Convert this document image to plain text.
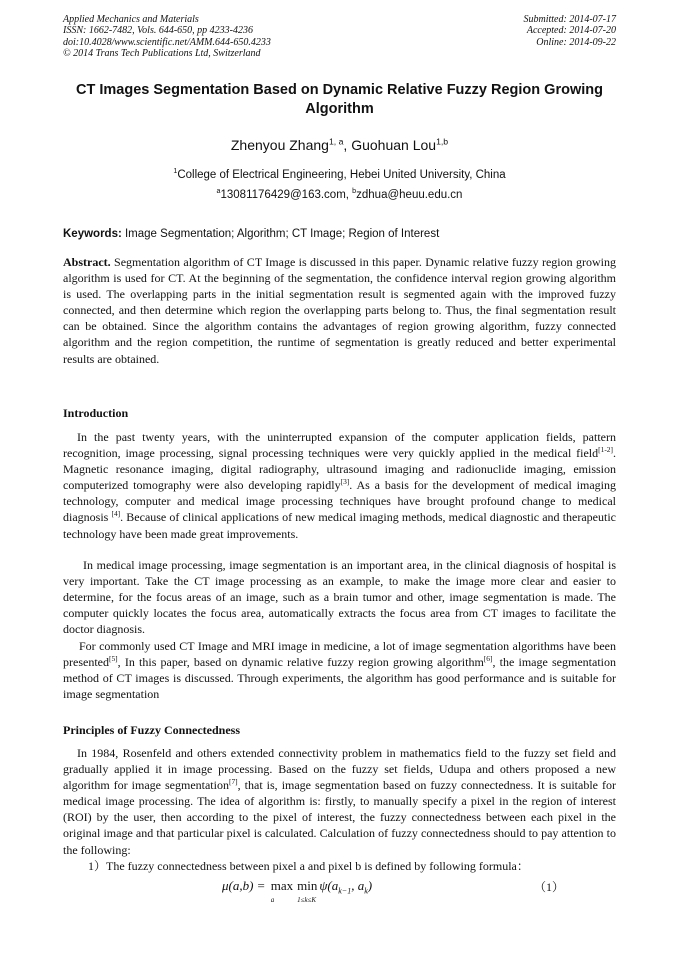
Applied Mechanics and Materials
ISSN: 1662-7482, Vols. 644-650, pp 4233-4236
doi:10.4028/www.scientific.net/AMM.644-650.4233
© 2014 Trans Tech Publications Ltd, Switzerland
Submitted: 2014-07-17
Accepted: 2014-07-20
Online: 2014-09-22
CT Images Segmentation Based on Dynamic Relative Fuzzy Region Growing Algorithm
Zhenyou Zhang$^{1, a}$, Guohuan Lou$^{1,b}$
$^1$College of Electrical Engineering, Hebei United University, China
$^a$13081176429@163.com, $^b$zdhua@heuu.edu.cn
Keywords: Image Segmentation; Algorithm; CT Image; Region of Interest
Abstract. Segmentation algorithm of CT Image is discussed in this paper. Dynamic relative fuzzy region growing algorithm is used for CT. At the beginning of the segmentation, the confidence interval region growing algorithm is used. The overlapping parts in the initial segmentation result is segmented again with the improved fuzzy connected, and then determine which region the overlapping parts belong to. Thus, the final segmentation result can be obtained. Since the algorithm contains the advantages of region growing algorithm, fuzzy connected algorithm and the region competition, the runtime of segmentation is greatly reduced and better experimental results are obtained.
Introduction

In the past twenty years, with the uninterrupted expansion of the computer application fields, pattern recognition, image processing, signal processing techniques were very quickly applied in the medical field[1-2]. Magnetic resonance imaging, digital radiography, ultrasound imaging and radionuclide imaging, emission computerized tomography were also developing rapidly[3]. As a basis for the development of medical imaging technology, computer and medical image processing techniques have brought profound change to medical diagnosis [4]. Because of clinical applications of new medical imaging methods, medical diagnostic and therapeutic technology have been made great improvements.

In medical image processing, image segmentation is an important area, in the clinical diagnosis of hospital is very important. Take the CT image processing as an example, to make the image more clear and easier to determine, for the focus areas of an image, such as a brain tumor and other, image segmentation is made. The computer quickly locates the focus area, automatically extracts the focus area from CT images to facilitate the doctor diagnosis.

For commonly used CT Image and MRI image in medicine, a lot of image segmentation algorithms have been presented[5], In this paper, based on dynamic relative fuzzy region growing algorithm[6], the image segmentation method of CT images is discussed. Through experiments, the algorithm has good performance and is suitable for image segmentation

Principles of Fuzzy Connectedness

In 1984, Rosenfeld and others extended connectivity problem in mathematics field to the fuzzy set field and gradually applied it in image processing. Based on the fuzzy set fields, Udupa and others proposed a new algorithm for image segmentation[7], that is, image segmentation based on fuzzy connectedness. It is suitable for medical image processing. The idea of algorithm is: firstly, to manually specify a pixel in the region of interest (ROI) by the user, then according to the pixel of interest, the fuzzy connectedness between each pixel in the original image and that particular pixel is calculated. Calculation of fuzzy connectedness should to pay attention to the following:

1）The fuzzy connectedness between pixel a and pixel b is defined by following formula：
μ(a,b) = max
a
min
1≤k≤K
$\psi(a_{k-1}$, $a_k$)	（1）
